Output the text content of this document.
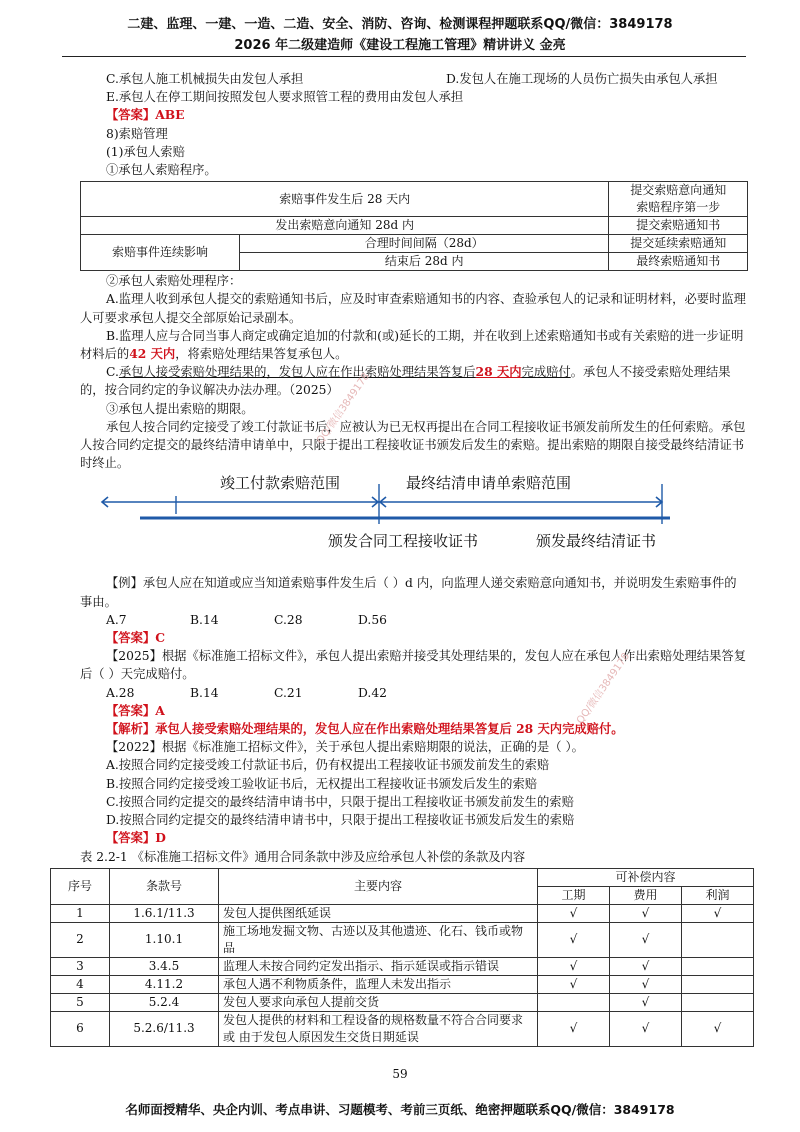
二建、监理、一建、一造、二造、安全、消防、咨询、检测课程押题联系QQ/微信：3849178
2026 年二级建造师《建设工程施工管理》精讲讲义 金亮
C.承包人施工机械损失由发包人承担	D.发包人在施工现场的人员伤亡损失由承包人承担
E.承包人在停工期间按照发包人要求照管工程的费用由发包人承担
【答案】ABE
8)索赔管理
(1)承包人索赔
①承包人索赔程序。
索赔事件发生后 28 天内		提交索赔意向通知
索赔程序第一步

发出索赔意向通知 28d 内		提交索赔通知书
索赔事件连续影响	合理时间间隔（28d）	提交延续索赔通知
	结束后 28d 内	最终索赔通知书
②承包人索赔处理程序：

A.监理人收到承包人提交的索赔通知书后，应及时审查索赔通知书的内容、查验承包人的记录和证明材料，必要时监理人可要求承包人提交全部原始记录副本。

B.监理人应与合同当事人商定或确定追加的付款和(或)延长的工期，并在收到上述索赔通知书或有关索赔的进一步证明材料后的42 天内，将索赔处理结果答复承包人。

C.承包人接受索赔处理结果的，发包人应在作出索赔处理结果答复后28 天内完成赔付。承包人不接受索赔处理结果的，按合同约定的争议解决办法办理。（2025）

③承包人提出索赔的期限。

承包人按合同约定接受了竣工付款证书后，应被认为已无权再提出在合同工程接收证书颁发前所发生的任何索赔。承包人按合同约定提交的最终结清申请单中，只限于提出工程接收证书颁发后发生的索赔。提出索赔的期限自接受最终结清证书时终止。

竣工付款索赔范围	最终结清申请单索赔范围
颁发合同工程接收证书	颁发最终结清证书

【例】承包人应在知道或应当知道索赔事件发生后（ ）d 内，向监理人递交索赔意向通知书，并说明发生索赔事件的事由。

A.7	B.14	C.28	D.56
【答案】C

【2025】根据《标准施工招标文件》，承包人提出索赔并接受其处理结果的，发包人应在承包人作出索赔处理结果答复后（ ）天完成赔付。

A.28	B.14	C.21	D.42
【答案】A
【解析】承包人接受索赔处理结果的，发包人应在作出索赔处理结果答复后 28 天内完成赔付。
【2022】根据《标准施工招标文件》，关于承包人提出索赔期限的说法，正确的是（ ）。
A.按照合同约定接受竣工付款证书后，仍有权提出工程接收证书颁发前发生的索赔
B.按照合同约定接受竣工验收证书后，无权提出工程接收证书颁发后发生的索赔
C.按照合同约定提交的最终结清申请书中，只限于提出工程接收证书颁发前发生的索赔
D.按照合同约定提交的最终结清申请书中，只限于提出工程接收证书颁发后发生的索赔
【答案】D
表 2.2-1 《标准施工招标文件》通用合同条款中涉及应给承包人补偿的条款及内容
序号	条款号	主要内容	可补偿内容		
			工期	费用	利润
1	1.6.1/11.3	发包人提供图纸延误	√	√	√
2	1.10.1	施工场地发掘文物、古迹以及其他遗迹、化石、钱币或物品	√	√	
3	3.4.5	监理人未按合同约定发出指示、指示延误或指示错误	√	√	
4	4.11.2	承包人遇不利物质条件，监理人未发出指示	√	√	
5	5.2.4	发包人要求向承包人提前交货		√	
6	5.2.6/11.3	发包人提供的材料和工程设备的规格数量不符合合同要求或 由于发包人原因发生交货日期延误	√	√	√
59
名师面授精华、央企内训、考点串讲、习题模考、考前三页纸、绝密押题联系QQ/微信：3849178
QQ/微信3849178
QQ/微信3849178
